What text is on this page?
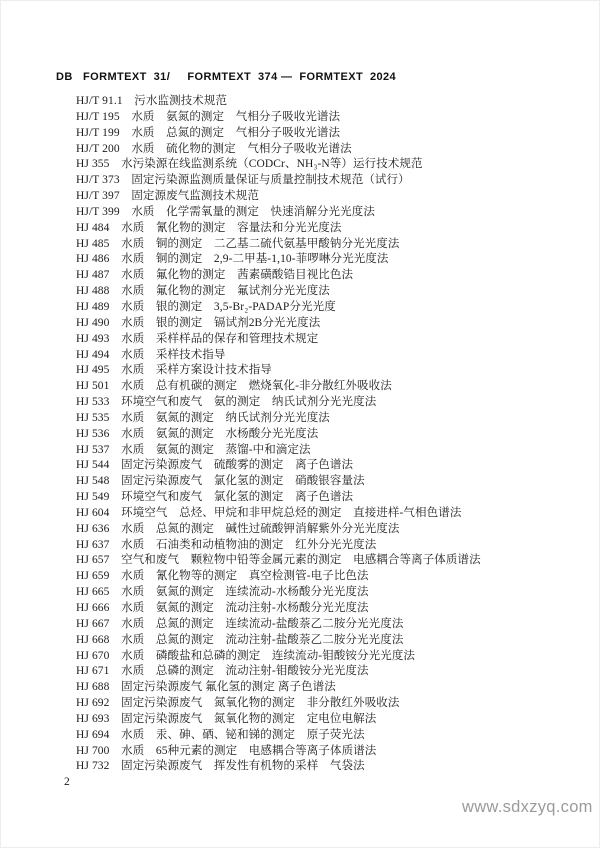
DB   FORMTEXT  31/     FORMTEXT  374 —  FORMTEXT  2024
HJ/T 91.1　污水监测技术规范
HJ/T 195　水质　氨氮的测定　气相分子吸收光谱法
HJ/T 199　水质　总氮的测定　气相分子吸收光谱法
HJ/T 200　水质　硫化物的测定　气相分子吸收光谱法
HJ 355　水污染源在线监测系统（CODCr、NH₃-N等）运行技术规范
HJ/T 373　固定污染源监测质量保证与质量控制技术规范（试行）
HJ/T 397　固定源废气监测技术规范
HJ/T 399　水质　化学需氧量的测定　快速消解分光光度法
HJ 484　水质　氰化物的测定　容量法和分光光度法
HJ 485　水质　铜的测定　二乙基二硫代氨基甲酸钠分光光度法
HJ 486　水质　铜的测定　2,9-二甲基-1,10-菲啰啉分光光度法
HJ 487　水质　氟化物的测定　茜素磺酸锆目视比色法
HJ 488　水质　氟化物的测定　氟试剂分光光度法
HJ 489　水质　银的测定　3,5-Br₂-PADAP分光光度
HJ 490　水质　银的测定　镉试剂2B分光光度法
HJ 493　水质　采样样品的保存和管理技术规定
HJ 494　水质　采样技术指导
HJ 495　水质　采样方案设计技术指导
HJ 501　水质　总有机碳的测定　燃烧氧化-非分散红外吸收法
HJ 533　环境空气和废气　氨的测定　纳氏试剂分光光度法
HJ 535　水质　氨氮的测定　纳氏试剂分光光度法
HJ 536　水质　氨氮的测定　水杨酸分光光度法
HJ 537　水质　氨氮的测定　蒸馏-中和滴定法
HJ 544　固定污染源废气　硫酸雾的测定　离子色谱法
HJ 548　固定污染源废气　氯化氢的测定　硝酸银容量法
HJ 549　环境空气和废气　氯化氢的测定　离子色谱法
HJ 604　环境空气　总烃、甲烷和非甲烷总烃的测定　直接进样-气相色谱法
HJ 636　水质　总氮的测定　碱性过硫酸钾消解紫外分光光度法
HJ 637　水质　石油类和动植物油的测定　红外分光光度法
HJ 657　空气和废气　颗粒物中铅等金属元素的测定　电感耦合等离子体质谱法
HJ 659　水质　氰化物等的测定　真空检测管-电子比色法
HJ 665　水质　氨氮的测定　连续流动-水杨酸分光光度法
HJ 666　水质　氨氮的测定　流动注射-水杨酸分光光度法
HJ 667　水质　总氮的测定　连续流动-盐酸萘乙二胺分光光度法
HJ 668　水质　总氮的测定　流动注射-盐酸萘乙二胺分光光度法
HJ 670　水质　磷酸盐和总磷的测定　连续流动-钼酸铵分光光度法
HJ 671　水质　总磷的测定　流动注射-钼酸铵分光光度法
HJ 688　固定污染源废气 氟化氢的测定 离子色谱法
HJ 692　固定污染源废气　氮氧化物的测定　非分散红外吸收法
HJ 693　固定污染源废气　氮氧化物的测定　定电位电解法
HJ 694　水质　汞、砷、硒、铋和锑的测定　原子荧光法
HJ 700　水质　65种元素的测定　电感耦合等离子体质谱法
HJ 732　固定污染源废气　挥发性有机物的采样　气袋法
2
www.sdxzyq.com
